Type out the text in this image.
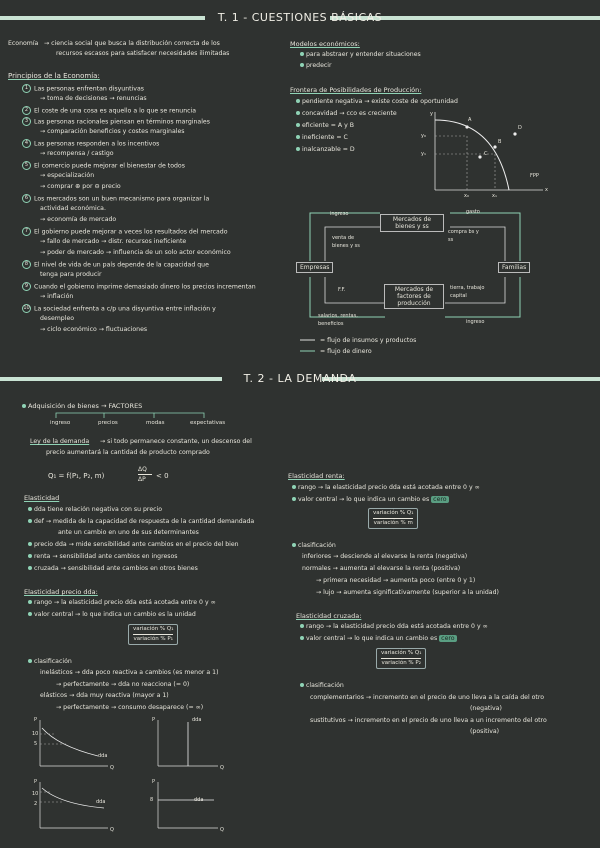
T. 1 - CUESTIONES BÁSICAS
Economía → ciencia social que busca la distribución correcta de los
recursos escasos para satisfacer necesidades ilimitadas
Principios de la Economía:
1 Las personas enfrentan disyuntivas
→ toma de decisiones → renuncias
2 El coste de una cosa es aquello a lo que se renuncia
3 Las personas racionales piensan en términos marginales
→ comparación beneficios y costes marginales
4 Las personas responden a los incentivos
→ recompensa / castigo
5 El comercio puede mejorar el bienestar de todos
→ especialización
→ comprar ⊕ por ⊖ precio
6 Los mercados son un buen mecanismo para organizar la
actividad económica.
→ economía de mercado
7 El gobierno puede mejorar a veces los resultados del mercado
→ fallo de mercado → distr. recursos ineficiente
→ poder de mercado → influencia de un solo actor económico
8 El nivel de vida de un país depende de la capacidad que
tenga para producir
9 Cuando el gobierno imprime demasiado dinero los precios incrementan
→ inflación
10 La sociedad enfrenta a c/p una disyuntiva entre inflación y
desempleo
→ ciclo económico → fluctuaciones
Modelos económicos:
para abstraer y entender situaciones
predecir
Frontera de Posibilidades de Producción:
pendiente negativa → existe coste de oportunidad
concavidad → cco es creciente
eficiente = A y B
ineficiente = C
inalcanzable = D
y
x
A
B
C
D
y₀
y₁
x₀	x₁
FPP
Mercados de bienes y ss
Mercados de factores de producción
Empresas	Familias
ingreso	gasto
venta de bienes y ss
compra bs y ss
F.F.	tierra, trabajo capital
salarios, rentas, beneficios	ingreso
= flujo de insumos y productos
= flujo de dinero
T. 2 - LA DEMANDA
Adquisición de bienes → FACTORES
ingreso	precios	modas	expectativas
Ley de la demanda → si todo permanece constante, un descenso del
precio aumentará la cantidad de producto comprado
Q₁ = f(P₁, P₂, m)
ΔQ
ΔP < 0
Elasticidad
dda tiene relación negativa con su precio
def → medida de la capacidad de respuesta de la cantidad demandada
ante un cambio en uno de sus determinantes
precio dda → mide sensibilidad ante cambios en el precio del bien
renta → sensibilidad ante cambios en ingresos
cruzada → sensibilidad ante cambios en otros bienes
Elasticidad precio dda:
rango → la elasticidad precio dda está acotada entre 0 y ∞
valor central → lo que indica un cambio es la unidad
variación % Q₁
variación % P₁
clasificación
inelásticos → dda poco reactiva a cambios (es menor a 1)
→ perfectamente → dda no reacciona (= 0)
elásticos → dda muy reactiva (mayor a 1)
→ perfectamente → consumo desaparece (= ∞)
P
10
5
dda
Q
P	dda
Q
P
10
2	dda
Q
P
8	dda
Q
Elasticidad renta:
rango → la elasticidad precio dda está acotada entre 0 y ∞
valor central → lo que indica un cambio es cero
variación % Q₁
variación % m
clasificación
inferiores → desciende al elevarse la renta (negativa)
normales → aumenta al elevarse la renta (positiva)
→ primera necesidad → aumenta poco (entre 0 y 1)
→ lujo → aumenta significativamente (superior a la unidad)
Elasticidad cruzada:
rango → la elasticidad precio dda está acotada entre 0 y ∞
valor central → lo que indica un cambio es cero
variación % Q₁
variación % P₂
clasificación
complementarios → incremento en el precio de uno lleva a la caída del otro
(negativa)
sustitutivos → incremento en el precio de uno lleva a un incremento del otro
(positiva)
